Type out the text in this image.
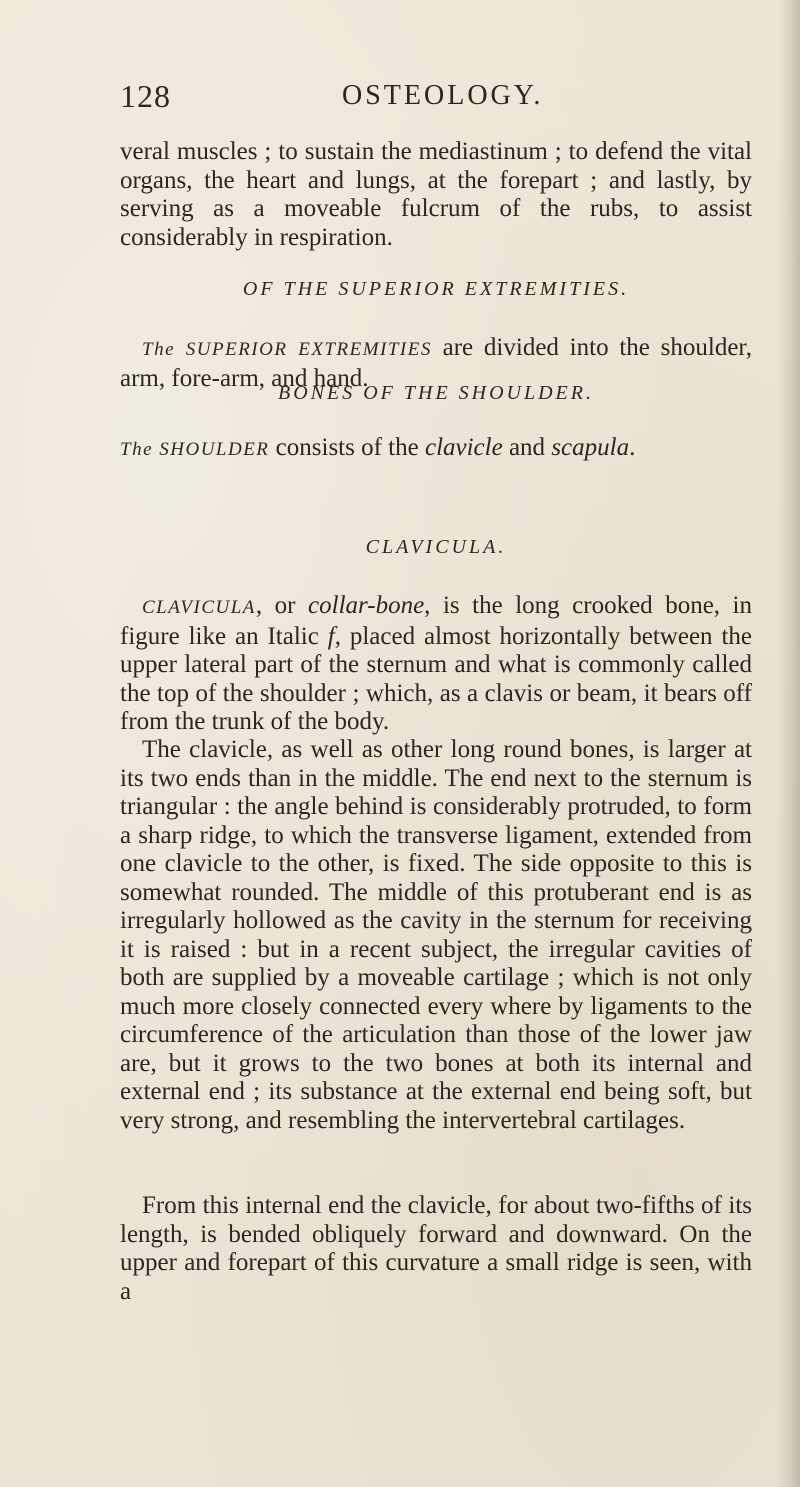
128	OSTEOLOGY.

veral muscles ; to sustain the mediastinum ; to defend the vital organs, the heart and lungs, at the forepart ; and lastly, by serving as a moveable fulcrum of the rubs, to assist considerably in respiration.

OF THE SUPERIOR EXTREMITIES.

The SUPERIOR EXTREMITIES are divided into the shoulder, arm, fore-arm, and hand.

BONES OF THE SHOULDER.

The SHOULDER consists of the clavicle and scapula.

CLAVICULA.

CLAVICULA, or collar-bone, is the long crooked bone, in figure like an Italic f, placed almost horizontally between the upper lateral part of the sternum and what is commonly called the top of the shoulder ; which, as a clavis or beam, it bears off from the trunk of the body.

The clavicle, as well as other long round bones, is larger at its two ends than in the middle. The end next to the sternum is triangular : the angle behind is considerably protruded, to form a sharp ridge, to which the transverse ligament, extended from one clavicle to the other, is fixed. The side opposite to this is somewhat rounded. The middle of this protuberant end is as irregularly hollowed as the cavity in the sternum for receiving it is raised : but in a recent subject, the irregular cavities of both are supplied by a moveable cartilage ; which is not only much more closely connected every where by ligaments to the circumference of the articulation than those of the lower jaw are, but it grows to the two bones at both its internal and external end ; its substance at the external end being soft, but very strong, and resembling the intervertebral cartilages.

From this internal end the clavicle, for about two-fifths of its length, is bended obliquely forward and downward. On the upper and forepart of this curvature a small ridge is seen, with a
